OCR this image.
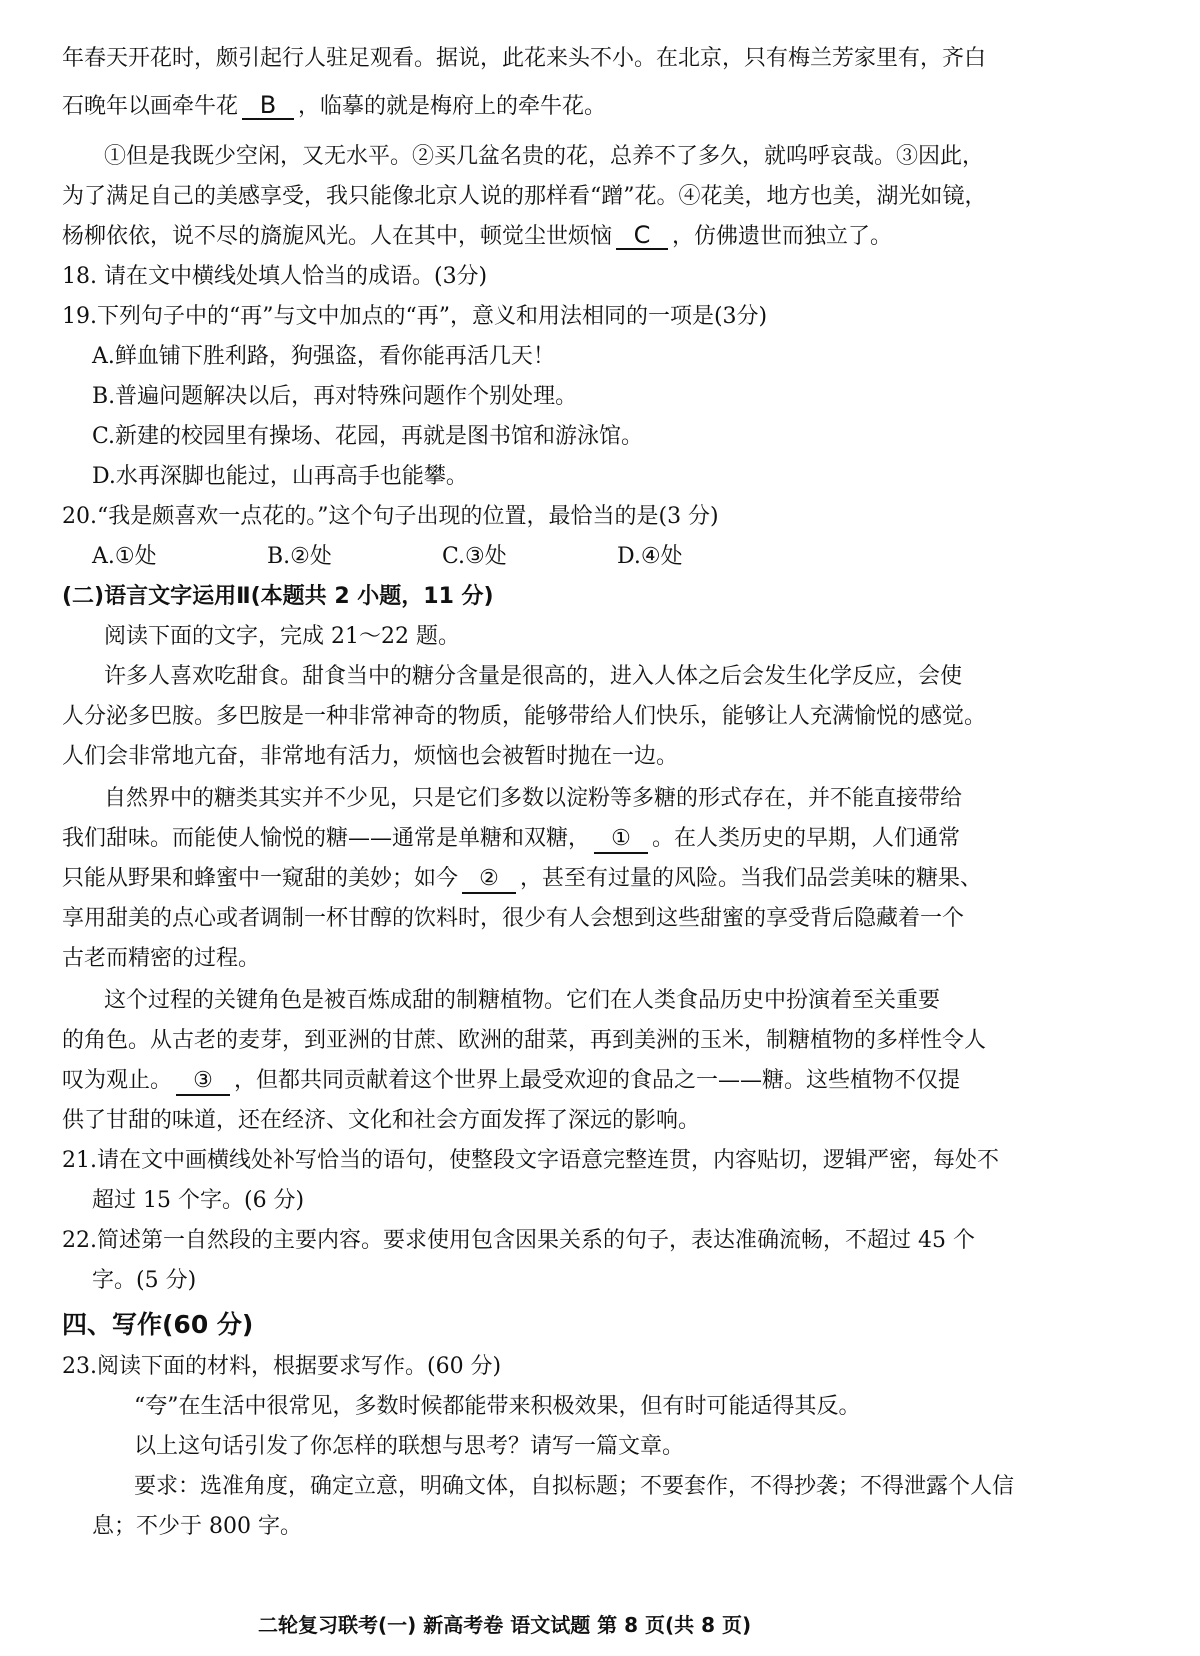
年春天开花时，颇引起行人驻足观看。据说，此花来头不小。在北京，只有梅兰芳家里有，齐白
石晚年以画牵牛花 B ，临摹的就是梅府上的牵牛花。
①但是我既少空闲，又无水平。②买几盆名贵的花，总养不了多久，就呜呼哀哉。③因此，
为了满足自己的美感享受，我只能像北京人说的那样看“蹭”花。④花美，地方也美，湖光如镜，
杨柳依依，说不尽的旖旎风光。人在其中，顿觉尘世烦恼 C ，仿佛遗世而独立了。
18. 请在文中横线处填人恰当的成语。(3分)
19.下列句子中的“再”与文中加点的“再”，意义和用法相同的一项是(3分)
A.鲜血铺下胜利路，狗强盗，看你能再活几天！
B.普遍问题解决以后，再对特殊问题作个别处理。
C.新建的校园里有操场、花园，再就是图书馆和游泳馆。
D.水再深脚也能过，山再高手也能攀。
20.“我是颇喜欢一点花的。”这个句子出现的位置，最恰当的是(3 分)
A.①处	B.②处	C.③处	D.④处
(二)语言文字运用Ⅱ(本题共 2 小题，11 分)
阅读下面的文字，完成 21～22 题。
许多人喜欢吃甜食。甜食当中的糖分含量是很高的，进入人体之后会发生化学反应，会使
人分泌多巴胺。多巴胺是一种非常神奇的物质，能够带给人们快乐，能够让人充满愉悦的感觉。
人们会非常地亢奋，非常地有活力，烦恼也会被暂时抛在一边。
自然界中的糖类其实并不少见，只是它们多数以淀粉等多糖的形式存在，并不能直接带给
我们甜味。而能使人愉悦的糖——通常是单糖和双糖， ① 。在人类历史的早期，人们通常
只能从野果和蜂蜜中一窥甜的美妙；如今 ② ，甚至有过量的风险。当我们品尝美味的糖果、
享用甜美的点心或者调制一杯甘醇的饮料时，很少有人会想到这些甜蜜的享受背后隐藏着一个
古老而精密的过程。
这个过程的关键角色是被百炼成甜的制糖植物。它们在人类食品历史中扮演着至关重要
的角色。从古老的麦芽，到亚洲的甘蔗、欧洲的甜菜，再到美洲的玉米，制糖植物的多样性令人
叹为观止。 ③ ，但都共同贡献着这个世界上最受欢迎的食品之一——糖。这些植物不仅提
供了甘甜的味道，还在经济、文化和社会方面发挥了深远的影响。
21.请在文中画横线处补写恰当的语句，使整段文字语意完整连贯，内容贴切，逻辑严密，每处不
超过 15 个字。(6 分)
22.简述第一自然段的主要内容。要求使用包含因果关系的句子，表达准确流畅，不超过 45 个
字。(5 分)
四、写作(60 分)
23.阅读下面的材料，根据要求写作。(60 分)
“夸”在生活中很常见，多数时候都能带来积极效果，但有时可能适得其反。
以上这句话引发了你怎样的联想与思考？请写一篇文章。
要求：选准角度，确定立意，明确文体，自拟标题；不要套作，不得抄袭；不得泄露个人信
息；不少于 800 字。
二轮复习联考(一) 新高考卷 语文试题 第 8 页(共 8 页)
